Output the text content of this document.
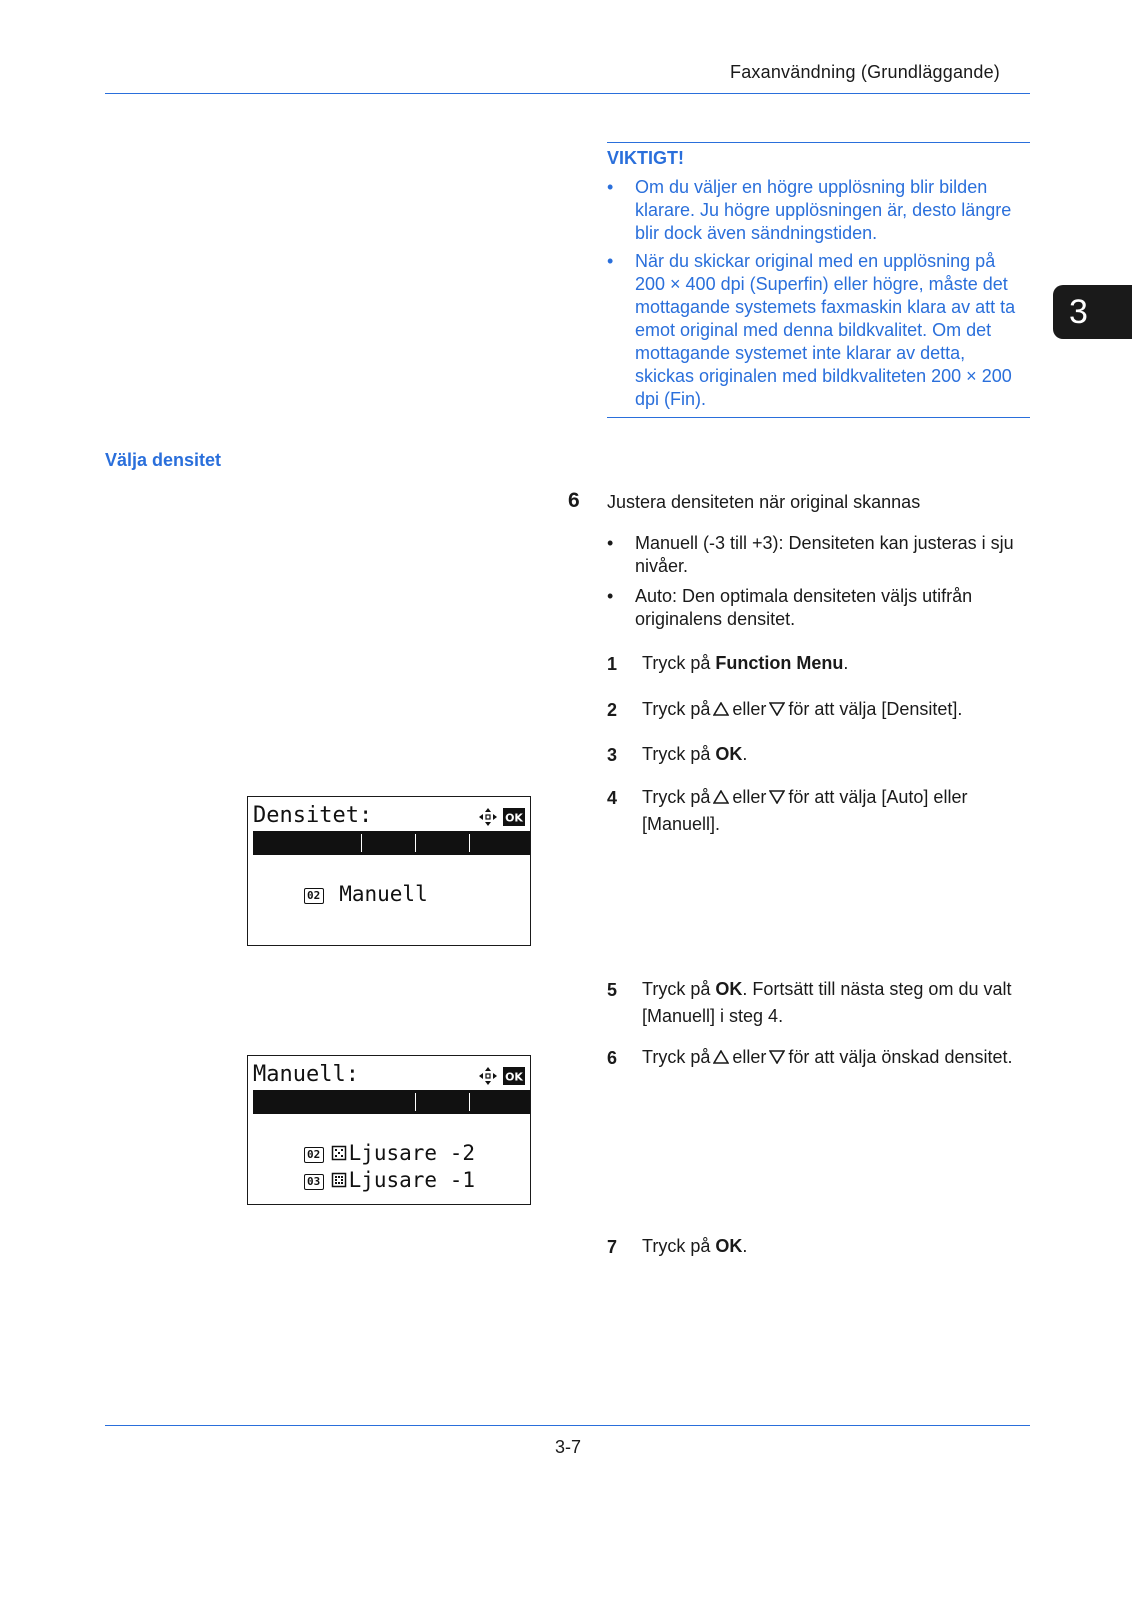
Faxanvändning (Grundläggande)
3
VIKTIGT!
• Om du väljer en högre upplösning blir bilden klarare. Ju högre upplösningen är, desto längre blir dock även sändningstiden.
• När du skickar original med en upplösning på 200 × 400 dpi (Superfin) eller högre, måste det mottagande systemets faxmaskin klara av att ta emot original med denna bildkvalitet. Om det mottagande systemet inte klarar av detta, skickas originalen med bildkvaliteten 200 × 200 dpi (Fin).
Välja densitet
6 Justera densiteten när original skannas
• Manuell (-3 till +3): Densiteten kan justeras i sju nivåer.
• Auto: Den optimala densiteten väljs utifrån originalens densitet.
1 Tryck på Function Menu.
2 Tryck på eller för att välja [Densitet].
3 Tryck på OK.
4 Tryck på eller för att välja [Auto] eller [Manuell].
Densitet:	OK

01 *Auto

02 Manuell

5 Tryck på OK. Fortsätt till nästa steg om du valt [Manuell] i steg 4.
6 Tryck på eller för att välja önskad densitet.
Manuell:	OK

01 Ljusare -3

02 Ljusare -2

03 Ljusare -1

7 Tryck på OK.
3-7
